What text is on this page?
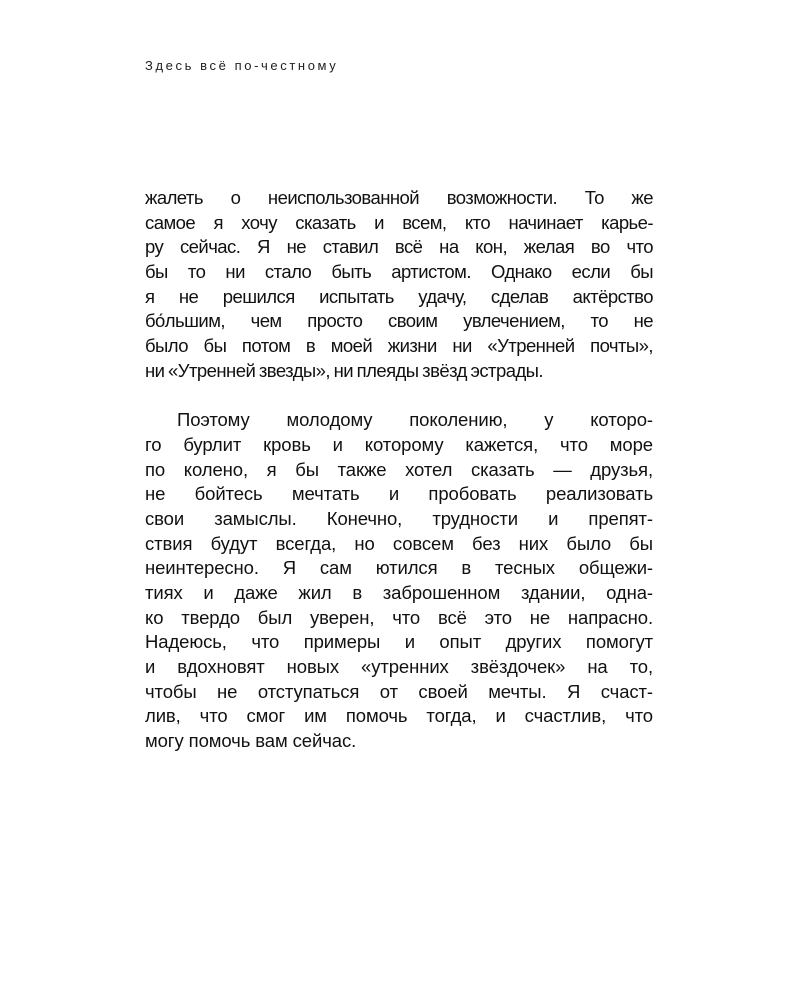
Здесь всё по-честному
жалеть о неиспользованной возможности. То же
самое я хочу сказать и всем, кто начинает карье-
ру сейчас. Я не ставил всё на кон, желая во что
бы то ни стало быть артистом. Однако если бы
я не решился испытать удачу, сделав актёрство
бо́льшим, чем просто своим увлечением, то не
было бы потом в моей жизни ни «Утренней почты»,
ни «Утренней звезды», ни плеяды звёзд эстрады.
Поэтому молодому поколению, у которо-
го бурлит кровь и которому кажется, что море
по колено, я бы также хотел сказать — друзья,
не бойтесь мечтать и пробовать реализовать
свои замыслы. Конечно, трудности и препят-
ствия будут всегда, но совсем без них было бы
неинтересно. Я сам ютился в тесных общежи-
тиях и даже жил в заброшенном здании, одна-
ко твердо был уверен, что всё это не напрасно.
Надеюсь, что примеры и опыт других помогут
и вдохновят новых «утренних звёздочек» на то,
чтобы не отступаться от своей мечты. Я счаст-
лив, что смог им помочь тогда, и счастлив, что
могу помочь вам сейчас.
